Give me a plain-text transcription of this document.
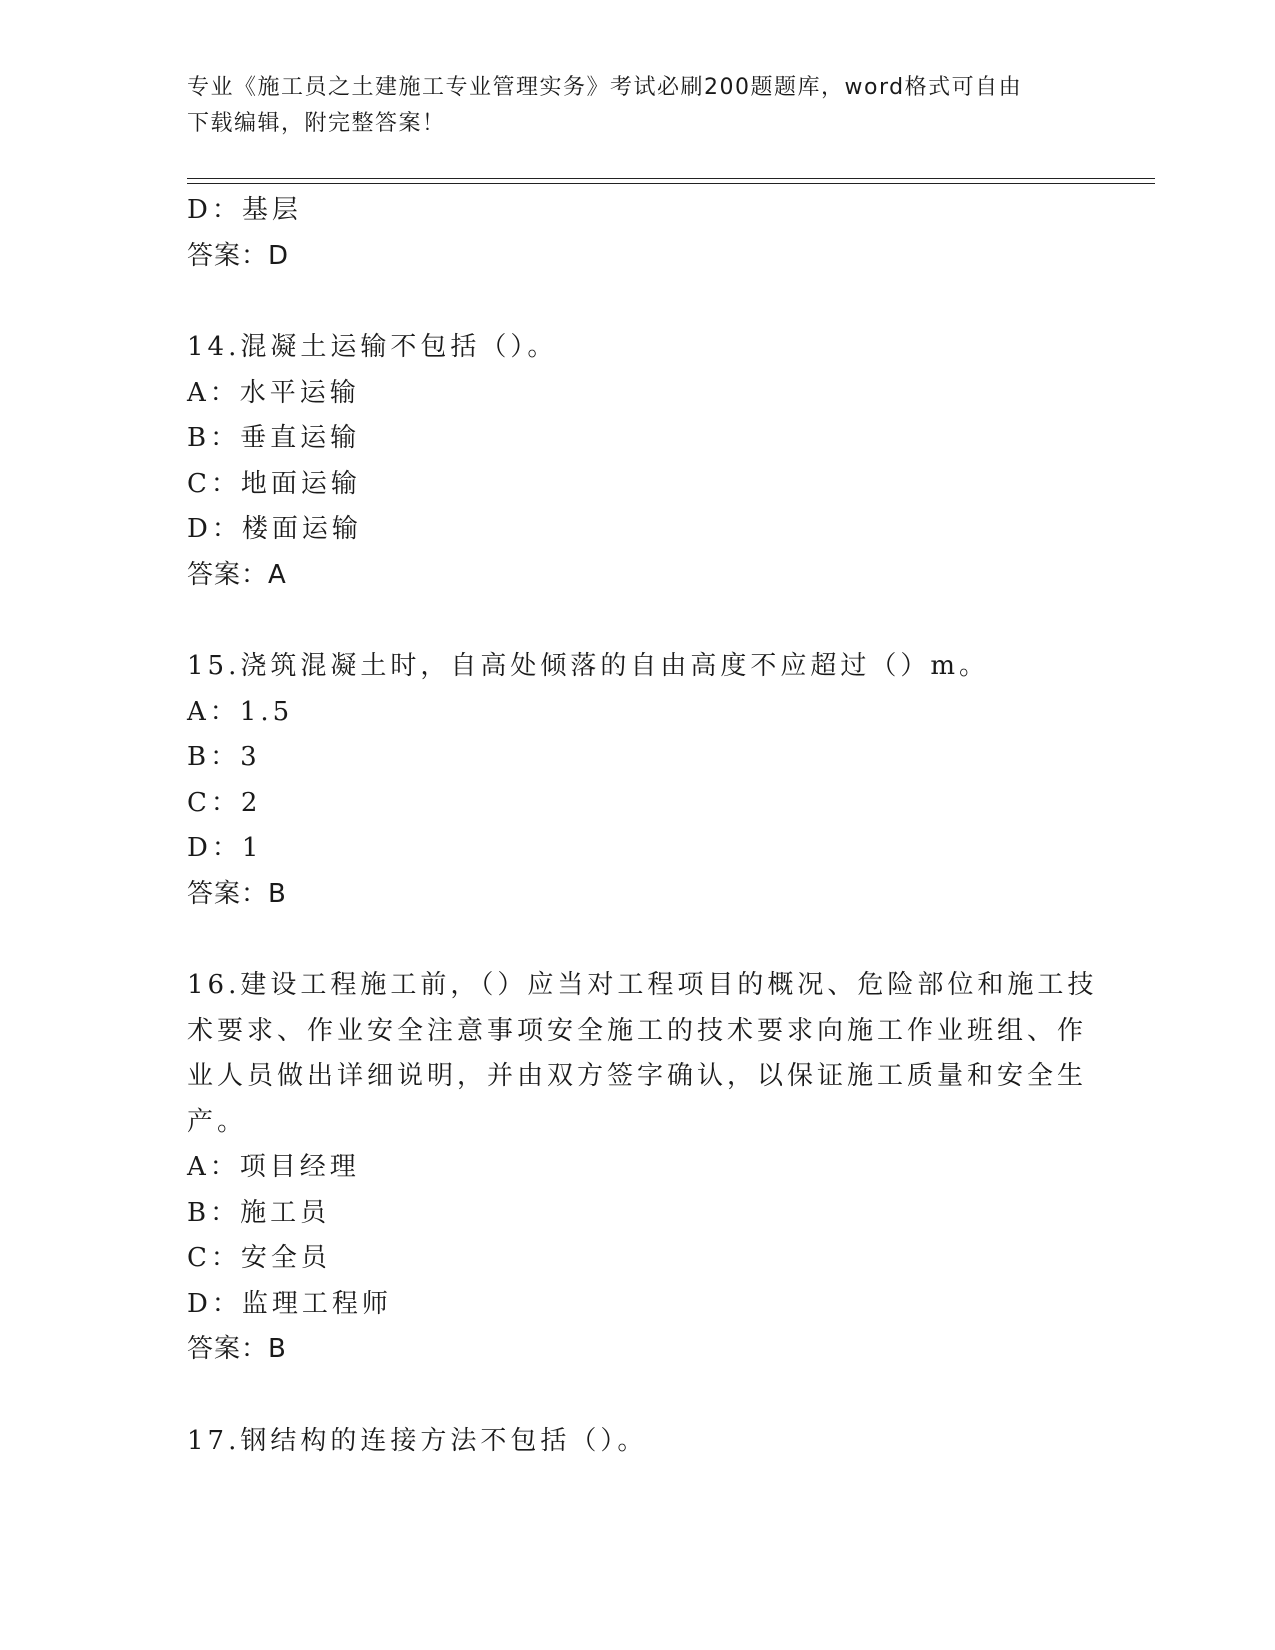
专业《施工员之土建施工专业管理实务》考试必刷200题题库，word格式可自由
下载编辑，附完整答案！
D：基层
答案：D
14.混凝土运输不包括（）。
A：水平运输
B：垂直运输
C：地面运输
D：楼面运输
答案：A
15.浇筑混凝土时，自高处倾落的自由高度不应超过（）m。
A：1.5
B：3
C：2
D：1
答案：B
16.建设工程施工前，（）应当对工程项目的概况、危险部位和施工技
术要求、作业安全注意事项安全施工的技术要求向施工作业班组、作
业人员做出详细说明，并由双方签字确认，以保证施工质量和安全生
产。
A：项目经理
B：施工员
C：安全员
D：监理工程师
答案：B
17.钢结构的连接方法不包括（）。
